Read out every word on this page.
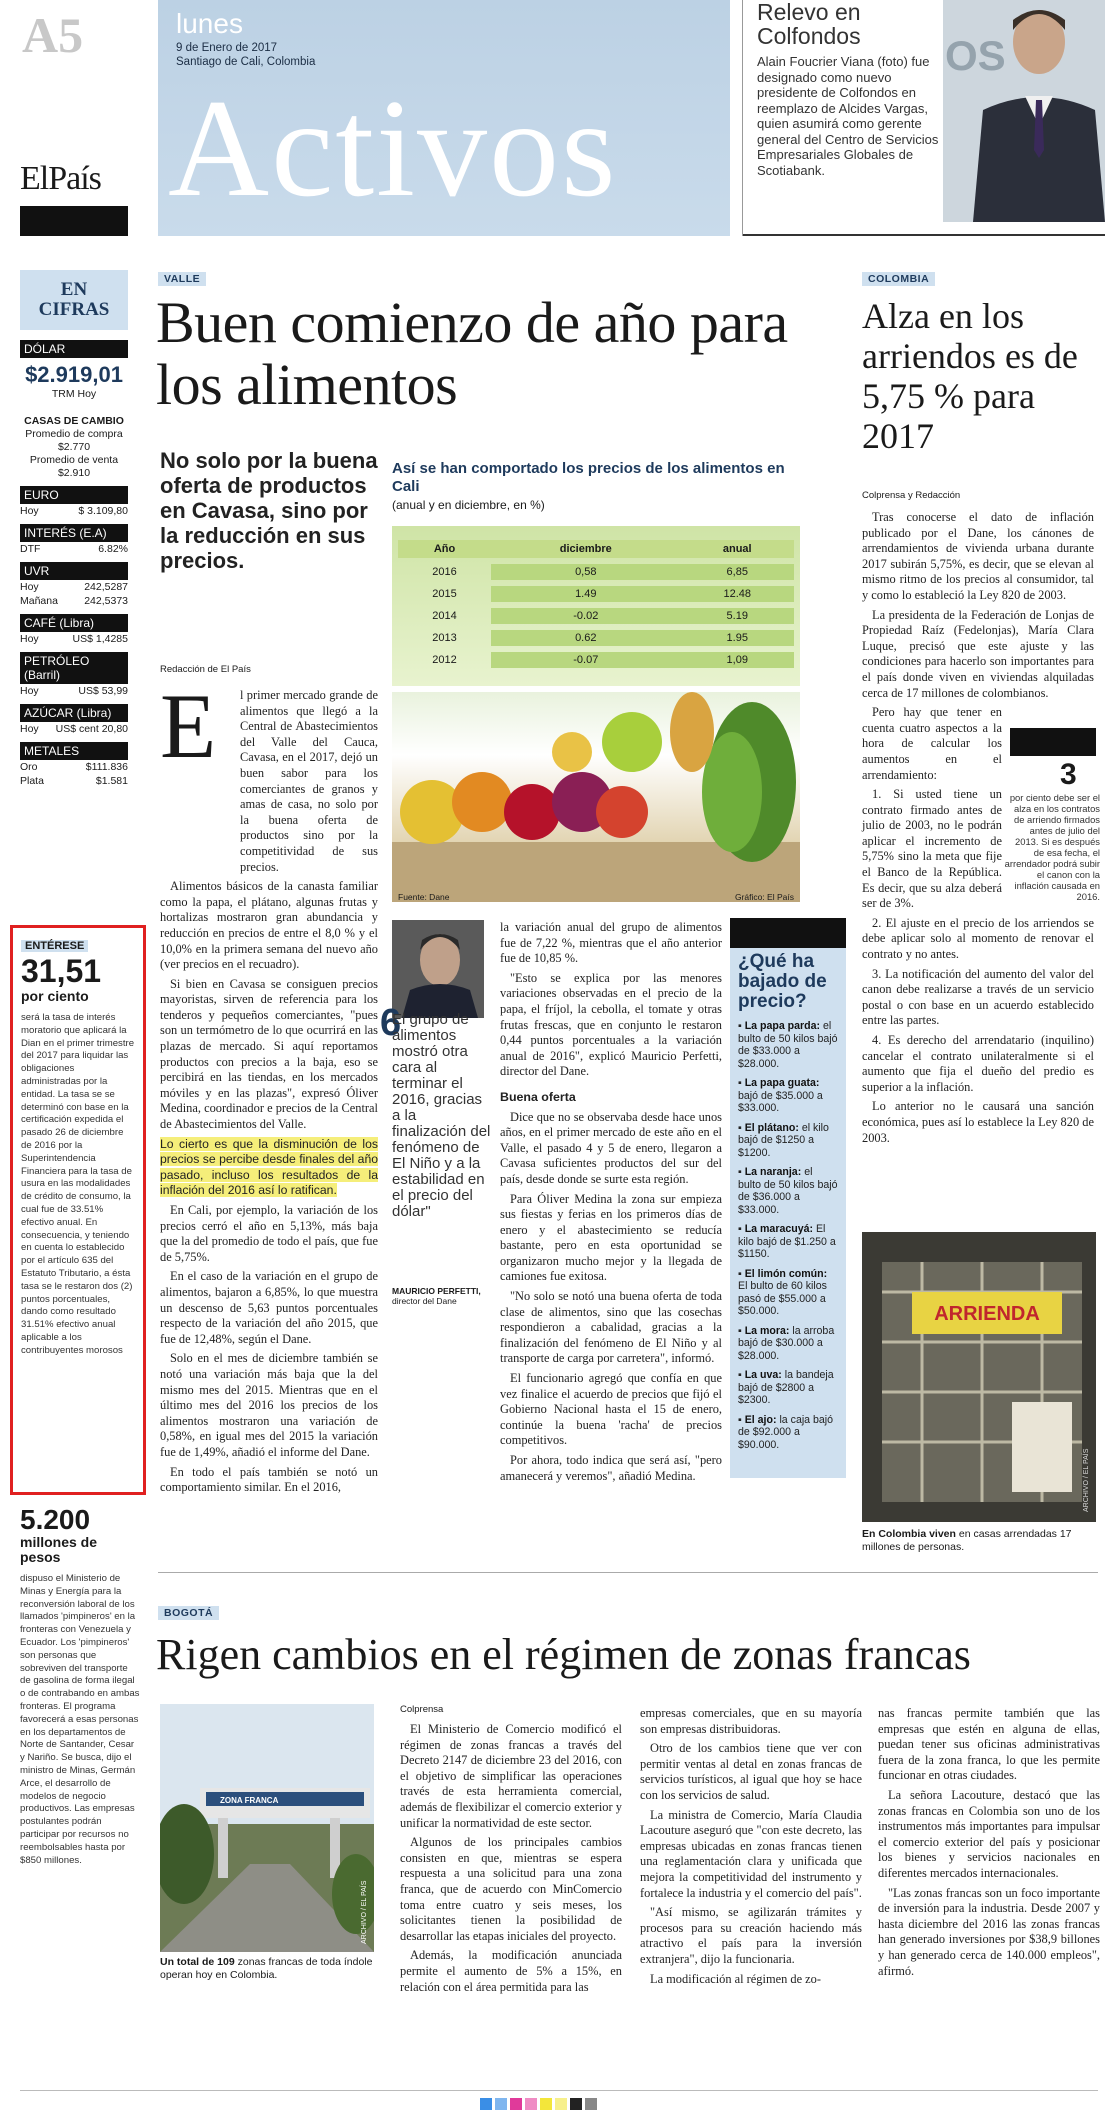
A5
ElPaís
lunes
9 de Enero de 2017
Santiago de Cali, Colombia
Activos
Relevo en Colfondos
Alain Foucrier Viana (foto) fue designado como nuevo presidente de Colfondos en reemplazo de Alcides Vargas, quien asumirá como gerente general del Centro de Servicios Empresariales Globales de Scotiabank.
OS
EN CIFRAS
DÓLAR
$2.919,01
TRM Hoy
CASAS DE CAMBIO
Promedio de compra
$2.770
Promedio de venta
$2.910
EURO
Hoy	$ 3.109,80
INTERÉS (E.A)
DTF	6.82%
UVR
Hoy	242,5287
Mañana	242,5373
CAFÉ (Libra)
Hoy	US$ 1,4285
PETRÓLEO (Barril)
Hoy	US$ 53,99
AZÚCAR (Libra)
Hoy US$ cent 20,80
METALES
Oro	$111.836
Plata	$1.581
ENTÉRESE
31,51
por ciento
será la tasa de interés moratorio que aplicará la Dian en el primer trimestre del 2017 para liquidar las obligaciones administradas por la entidad. La tasa se se determinó con base en la certificación expedida el pasado 26 de diciembre de 2016 por la Superintendencia Financiera para la tasa de usura en las modalidades de crédito de consumo, la cual fue de 33.51% efectivo anual. En consecuencia, y teniendo en cuenta lo establecido por el artículo 635 del Estatuto Tributario, a ésta tasa se le restaron dos (2) puntos porcentuales, dando como resultado 31.51% efectivo anual aplicable a los contribuyentes morosos
5.200
millones de pesos
dispuso el Ministerio de Minas y Energía para la reconversión laboral de los llamados 'pimpineros' en la fronteras con Venezuela y Ecuador. Los 'pimpineros' son personas que sobreviven del transporte de gasolina de forma ilegal o de contrabando en ambas fronteras. El programa favorecerá a esas personas en los departamentos de Norte de Santander, Cesar y Nariño. Se busca, dijo el ministro de Minas, Germán Arce, el desarrollo de modelos de negocio productivos. Las empresas postulantes podrán participar por recursos no reembolsables hasta por $850 millones.
VALLE
Buen comienzo de año para los alimentos
No solo por la buena oferta de productos en Cavasa, sino por la reducción en sus precios.
Redacción de El País
E	l primer mercado grande de alimentos que llegó a la Central de Abastecimientos del Valle del Cauca, Cavasa, en el 2017, dejó un buen sabor para los comerciantes de granos y amas de casa, no solo por la buena oferta de productos sino por la competitividad de sus precios.

Alimentos básicos de la canasta familiar como la papa, el plátano, algunas frutas y hortalizas mostraron gran abundancia y reducción en precios de entre el 8,0 % y el 10,0% en la primera semana del nuevo año (ver precios en el recuadro).

Si bien en Cavasa se consiguen precios mayoristas, sirven de referencia para los tenderos y pequeños comerciantes, "pues son un termómetro de lo que ocurrirá en las plazas de mercado. Si aquí reportamos productos con precios a la baja, eso se percibirá en las tiendas, en los mercados móviles y en las plazas", expresó Óliver Medina, coordinador e precios de la Central de Abastecimientos del Valle.

Lo cierto es que la disminución de los precios se percibe desde finales del año pasado, incluso los resultados de la inflación del 2016 así lo ratifican.

En Cali, por ejemplo, la variación de los precios cerró el año en 5,13%, más baja que la del promedio de todo el país, que fue de 5,75%.

En el caso de la variación en el grupo de alimentos, bajaron a 6,85%, lo que muestra un descenso de 5,63 puntos porcentuales respecto de la variación del año 2015, que fue de 12,48%, según el Dane.

Solo en el mes de diciembre también se notó una variación más baja que la del mismo mes del 2015. Mientras que en el último mes del 2016 los precios de los alimentos mostraron una variación de 0,58%, en igual mes del 2015 la variación fue de 1,49%, añadió el informe del Dane.

En todo el país también se notó un comportamiento similar. En el 2016,

Así se han comportado los precios de los alimentos en Cali
(anual y en diciembre, en %)
Año	diciembre	anual
2016	0,58	6,85
2015	1.49	12.48
2014	-0.02	5.19
2013	0.62	1.95
2012	-0.07	1,09
Fuente: Dane	Gráfico: El País
6
El grupo de alimentos mostró otra cara al terminar el 2016, gracias a la finalización del fenómeno de El Niño y a la estabilidad en el precio del dólar"
MAURICIO PERFETTI,
director del Dane

la variación anual del grupo de alimentos fue de 7,22 %, mientras que el año anterior fue de 10,85 %.

"Esto se explica por las menores variaciones observadas en el precio de la papa, el fríjol, la cebolla, el tomate y otras frutas frescas, que en conjunto le restaron 0,44 puntos porcentuales a la variación anual de 2016", explicó Mauricio Perfetti, director del Dane.

Buena oferta

Dice que no se observaba desde hace unos años, en el primer mercado de este año en el Valle, el pasado 4 y 5 de enero, llegaron a Cavasa suficientes productos del sur del país, desde donde se surte esta región.

Para Óliver Medina la zona sur empieza sus fiestas y ferias en los primeros días de enero y el abastecimiento se reducía bastante, pero en esta oportunidad se organizaron mucho mejor y la llegada de camiones fue exitosa.

"No solo se notó una buena oferta de toda clase de alimentos, sino que las cosechas respondieron a cabalidad, gracias a la finalización del fenómeno de El Niño y al transporte de carga por carretera", informó.

El funcionario agregó que confía en que vez finalice el acuerdo de precios que fijó el Gobierno Nacional hasta el 15 de enero, continúe la buena 'racha' de precios competitivos.

Por ahora, todo indica que será así, "pero amanecerá y veremos", añadió Medina.

¿Qué ha bajado de precio?
▪ La papa parda: el bulto de 50 kilos bajó de $33.000 a $28.000.
▪ La papa guata: bajó de $35.000 a $33.000.
▪ El plátano: el kilo bajó de $1250 a $1200.
▪ La naranja: el bulto de 50 kilos bajó de $36.000 a $33.000.
▪ La maracuyá: El kilo bajó de $1.250 a $1150.
▪ El limón común: El bulto de 60 kilos pasó de $55.000 a $50.000.
▪ La mora: la arroba bajó de $30.000 a $28.000.
▪ La uva: la bandeja bajó de $2800 a $2300.
▪ El ajo: la caja bajó de $92.000 a $90.000.
COLOMBIA
Alza en los arriendos es de 5,75 % para 2017
Colprensa y Redacción

Tras conocerse el dato de inflación publicado por el Dane, los cánones de arrendamientos de vivienda urbana durante 2017 subirán 5,75%, es decir, que se elevan al mismo ritmo de los precios al consumidor, tal y como lo estableció la Ley 820 de 2003.

La presidenta de la Federación de Lonjas de Propiedad Raíz (Fedelonjas), María Clara Luque, precisó que este ajuste y las condiciones para hacerlo son importantes para el país donde viven en viviendas alquiladas cerca de 17 millones de colombianos.

Pero hay que tener en cuenta cuatro aspectos a la hora de calcular los aumentos en el arrendamiento:

1. Si usted tiene un contrato firmado antes de julio de 2003, no le podrán aplicar el incremento de 5,75% sino la meta que fije el Banco de la República. Es decir, que su alza deberá ser de 3%.

2. El ajuste en el precio de los arriendos se debe aplicar solo al momento de renovar el contrato y no antes.

3. La notificación del aumento del valor del canon debe realizarse a través de un servicio postal o con base en un acuerdo establecido entre las partes.

4. Es derecho del arrendatario (inquilino) cancelar el contrato unilateralmente si el aumento que fija el dueño del predio es superior a la inflación.

Lo anterior no le causará una sanción económica, pues así lo establece la Ley 820 de 2003.

3
por ciento debe ser el alza en los contratos de arriendo firmados antes de julio del 2013. Si es después de esa fecha, el arrendador podrá subir el canon con la inflación causada en 2016.
ARRIENDA
ARCHIVO / EL PAÍS
En Colombia viven en casas arrendadas 17 millones de personas.
BOGOTÁ
Rigen cambios en el régimen de zonas francas
ZONA FRANCA
ARCHIVO / EL PAÍS
Un total de 109 zonas francas de toda índole operan hoy en Colombia.
Colprensa

El Ministerio de Comercio modificó el régimen de zonas francas a través del Decreto 2147 de diciembre 23 del 2016, con el objetivo de simplificar las operaciones través de esta herramienta comercial, además de flexibilizar el comercio exterior y unificar la normatividad de este sector.

Algunos de los principales cambios consisten en que, mientras se espera respuesta a una solicitud para una zona franca, que de acuerdo con MinComercio toma entre cuatro y seis meses, los solicitantes tienen la posibilidad de desarrollar las etapas iniciales del proyecto.

Además, la modificación anunciada permite el aumento de 5% a 15%, en relación con el área permitida para las

empresas comerciales, que en su mayoría son empresas distribuidoras.

Otro de los cambios tiene que ver con permitir ventas al detal en zonas francas de servicios turísticos, al igual que hoy se hace con los servicios de salud.

La ministra de Comercio, María Claudia Lacouture aseguró que "con este decreto, las empresas ubicadas en zonas francas tienen una reglamentación clara y unificada que mejora la competitividad del instrumento y fortalece la industria y el comercio del país".

"Así mismo, se agilizarán trámites y procesos para su creación haciendo más atractivo el país para la inversión extranjera", dijo la funcionaria.

La modificación al régimen de zo-

nas francas permite también que las empresas que estén en alguna de ellas, puedan tener sus oficinas administrativas fuera de la zona franca, lo que les permite funcionar en otras ciudades.

La señora Lacouture, destacó que las zonas francas en Colombia son uno de los instrumentos más importantes para impulsar el comercio exterior del país y posicionar los bienes y servicios nacionales en diferentes mercados internacionales.

"Las zonas francas son un foco importante de inversión para la industria. Desde 2007 y hasta diciembre del 2016 las zonas francas han generado inversiones por $38,9 billones y han generado cerca de 140.000 empleos", afirmó.
